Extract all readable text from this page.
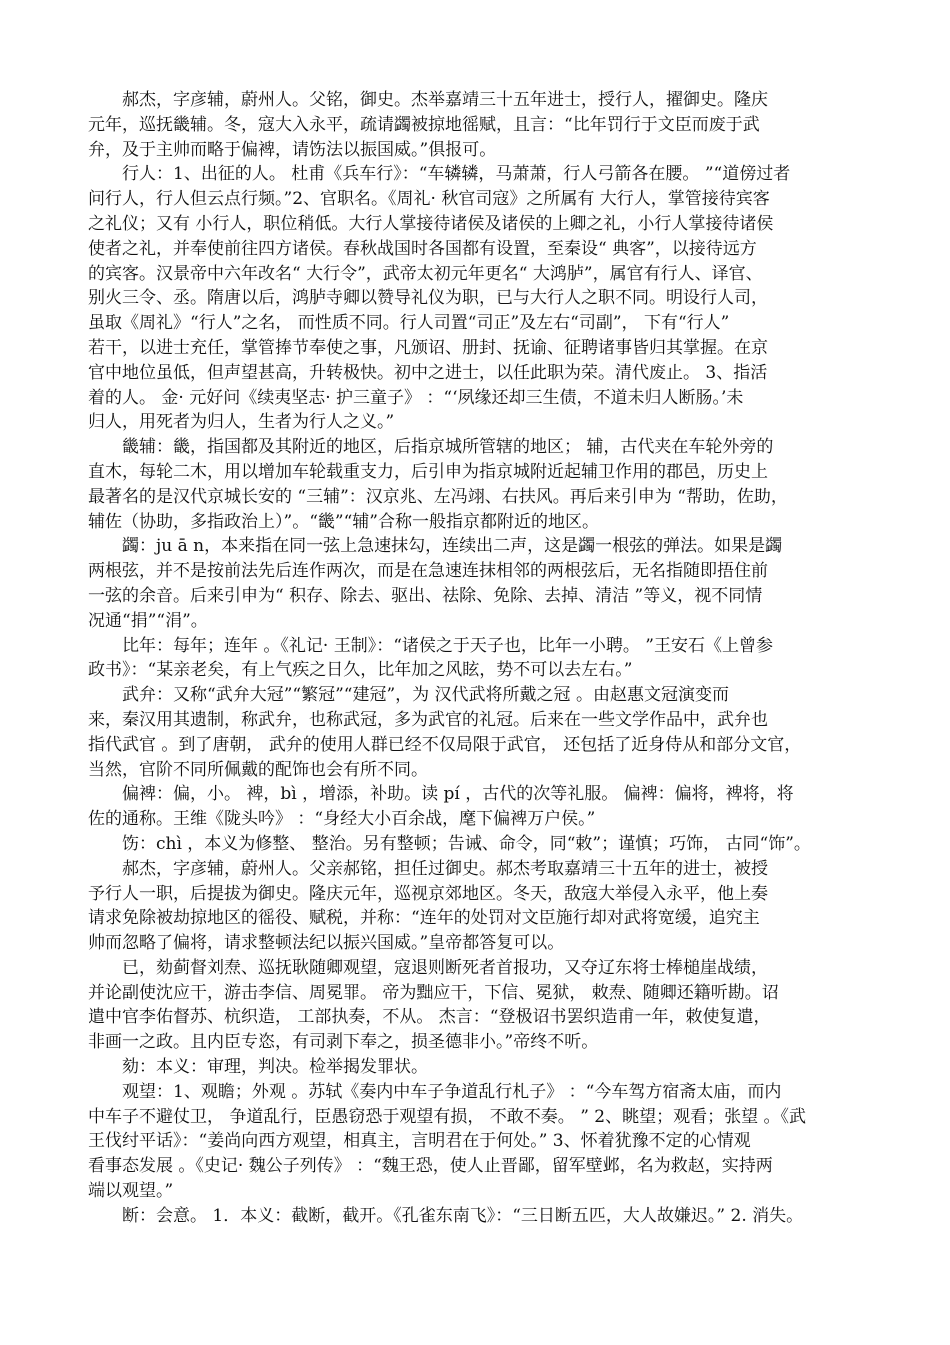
　　郝杰，字彦辅，蔚州人。父铭，御史。杰举嘉靖三十五年进士，授行人，擢御史。隆庆
元年，巡抚畿辅。冬，寇大入永平，疏请蠲被掠地徭赋，且言：“比年罚行于文臣而废于武
弁，及于主帅而略于偏裨，请饬法以振国威。”俱报可。
　　行人：1、出征的人。 杜甫《兵车行》：“车辚辚，马萧萧，行人弓箭各在腰。 ”“道傍过者
问行人，行人但云点行频。”2、官职名。《周礼· 秋官司寇》之所属有 大行人，掌管接待宾客
之礼仪；又有 小行人，职位稍低。大行人掌接待诸侯及诸侯的上卿之礼，小行人掌接待诸侯
使者之礼，并奉使前往四方诸侯。春秋战国时各国都有设置，至秦设“ 典客”，以接待远方
的宾客。汉景帝中六年改名“ 大行令”，武帝太初元年更名“ 大鸿胪”，属官有行人、译官、
别火三令、丞。隋唐以后，鸿胪寺卿以赞导礼仪为职，已与大行人之职不同。明设行人司，
虽取《周礼》“行人”之名， 而性质不同。行人司置“司正”及左右“司副”， 下有“行人”
若干，以进士充任，掌管捧节奉使之事，凡颁诏、册封、抚谕、征聘诸事皆归其掌握。在京
官中地位虽低，但声望甚高，升转极快。初中之进士，以任此职为荣。清代废止。 3、指活
着的人。 金· 元好问《续夷坚志· 护三童子》 ：“‘夙缘还却三生债，不道未归人断肠。’未
归人，用死者为归人，生者为行人之义。”
　　畿辅：畿，指国都及其附近的地区，后指京城所管辖的地区； 辅，古代夹在车轮外旁的
直木，每轮二木，用以增加车轮载重支力，后引申为指京城附近起辅卫作用的郡邑，历史上
最著名的是汉代京城长安的 “三辅”：汉京兆、左冯翊、右扶风。再后来引申为 “帮助，佐助，
辅佐（协助，多指政治上）”。“畿”“辅”合称一般指京都附近的地区。
　　蠲：ju ā n，本来指在同一弦上急速抹勾，连续出二声，这是蠲一根弦的弹法。如果是蠲
两根弦，并不是按前法先后连作两次，而是在急速连抹相邻的两根弦后，无名指随即捂住前
一弦的余音。后来引申为“ 积存、除去、驱出、祛除、免除、去掉、清洁 ”等义，视不同情
况通“捐”“涓”。
　　比年：每年；连年 。《礼记· 王制》：“诸侯之于天子也，比年一小聘。 ”王安石《上曾参
政书》：“某亲老矣，有上气疾之日久，比年加之风眩，势不可以去左右。”
　　武弁：又称“武弁大冠”“繁冠”“建冠”，为 汉代武将所戴之冠 。由赵惠文冠演变而
来，秦汉用其遗制，称武弁，也称武冠，多为武官的礼冠。后来在一些文学作品中，武弁也
指代武官 。到了唐朝， 武弁的使用人群已经不仅局限于武官， 还包括了近身侍从和部分文官，
当然，官阶不同所佩戴的配饰也会有所不同。
　　偏裨：偏，小。 裨，bì ，增添，补助。读 pí ，古代的次等礼服。 偏裨：偏将，裨将，将
佐的通称。王维《陇头吟》 ：“身经大小百余战，麾下偏裨万户侯。”
　　饬：chì ，本义为修整、 整治。另有整顿；告诫、命令，同“敕”；谨慎；巧饰， 古同“饰”。
　　郝杰，字彦辅，蔚州人。父亲郝铭，担任过御史。郝杰考取嘉靖三十五年的进士，被授
予行人一职，后提拔为御史。隆庆元年，巡视京郊地区。冬天，敌寇大举侵入永平，他上奏
请求免除被劫掠地区的徭役、赋税，并称：“连年的处罚对文臣施行却对武将宽缓，追究主
帅而忽略了偏将，请求整顿法纪以振兴国威。”皇帝都答复可以。
　　已，劾蓟督刘焘、巡抚耿随卿观望，寇退则断死者首报功，又夺辽东将士棒槌崖战绩，
并论副使沈应干，游击李信、周冕罪。 帝为黜应干，下信、冕狱， 敕焘、随卿还籍听勘。诏
遣中官李佑督苏、杭织造， 工部执奏，不从。 杰言：“登极诏书罢织造甫一年，敕使复遣，
非画一之政。且内臣专恣，有司剥下奉之，损圣德非小。”帝终不听。
　　劾：本义：审理，判决。检举揭发罪状。
　　观望：1、观瞻；外观 。苏轼《奏内中车子争道乱行札子》 ：“今车驾方宿斋太庙，而内
中车子不避仗卫， 争道乱行，臣愚窃恐于观望有损， 不敢不奏。 ” 2、眺望；观看；张望 。《武
王伐纣平话》：“姜尚向西方观望，相真主，言明君在于何处。” 3、怀着犹豫不定的心情观
看事态发展 。《史记· 魏公子列传》 ：“魏王恐，使人止晋鄙，留军壁邺，名为救赵，实持两
端以观望。”
　　断：会意。 1．本义：截断，截开。《孔雀东南飞》：“三日断五匹，大人故嫌迟。” 2. 消失。
